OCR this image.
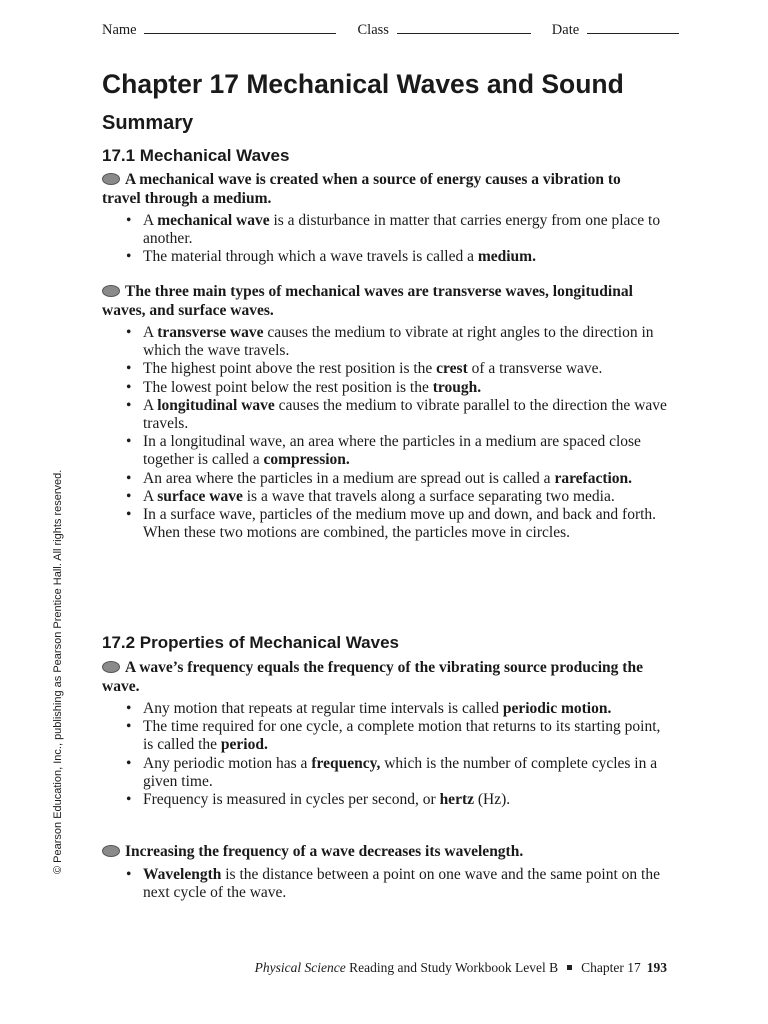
Name	Class	Date
Chapter 17 Mechanical Waves and Sound
Summary
17.1 Mechanical Waves
A mechanical wave is created when a source of energy causes a vibration to travel through a medium.
• A mechanical wave is a disturbance in matter that carries energy from one place to another.
• The material through which a wave travels is called a medium.
The three main types of mechanical waves are transverse waves, longitudinal waves, and surface waves.
• A transverse wave causes the medium to vibrate at right angles to the direction in which the wave travels.
• The highest point above the rest position is the crest of a transverse wave.
• The lowest point below the rest position is the trough.
• A longitudinal wave causes the medium to vibrate parallel to the direction the wave travels.
• In a longitudinal wave, an area where the particles in a medium are spaced close together is called a compression.
• An area where the particles in a medium are spread out is called a rarefaction.
• A surface wave is a wave that travels along a surface separating two media.
• In a surface wave, particles of the medium move up and down, and back and forth. When these two motions are combined, the particles move in circles.
17.2 Properties of Mechanical Waves
A wave’s frequency equals the frequency of the vibrating source producing the wave.
• Any motion that repeats at regular time intervals is called periodic motion.
• The time required for one cycle, a complete motion that returns to its starting point, is called the period.
• Any periodic motion has a frequency, which is the number of complete cycles in a given time.
• Frequency is measured in cycles per second, or hertz (Hz).
Increasing the frequency of a wave decreases its wavelength.
• Wavelength is the distance between a point on one wave and the same point on the next cycle of the wave.
© Pearson Education, Inc., publishing as Pearson Prentice Hall. All rights reserved.
Physical Science Reading and Study Workbook Level B Chapter 17 193
